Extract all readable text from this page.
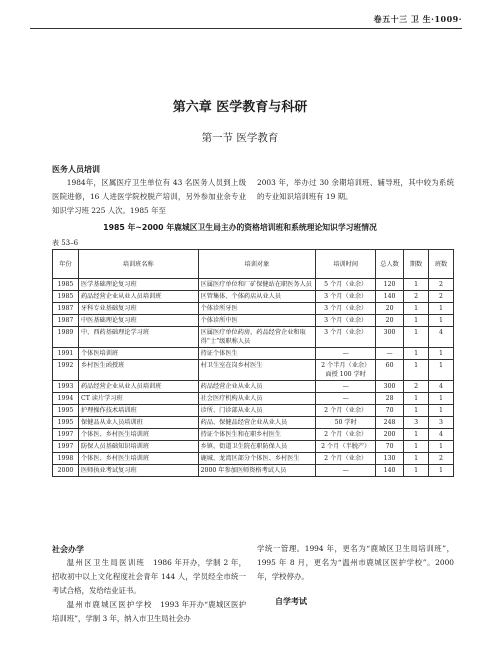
卷五十三 卫 生·1009·
第六章 医学教育与科研
第一节 医学教育
医务人员培训

1984年，区属医疗卫生单位有 43 名医务人员到上级医院进修，16 人进医学院校脱产培训，另外参加业余专业知识学习班 225 人次。1985 年至

2003 年，举办过 30 余期培训班、辅导班，其中较为系统的专业知识培训班有 19 期。

1985 年~2000 年鹿城区卫生局主办的资格培训班和系统理论知识学习班情况
表 53–6
年份	培训班名称	培训对象	培训时间	总人数	期数	班数
1985	医学基础理论复习班	区属医疗单位和厂矿保健站在职医务人员	5 个月（业余）	120	1	2
1985	药品经营企业从业人员培训班	区管集体、个体药店从业人员	3 个月（业余）	140	2	2
1987	牙科专业基础复习班	个体诊所牙医	3 个月（业余）	20	1	1
1987	中医基础理论复习班	个体诊所中医	3 个月（业余）	20	1	1
1989	中、西药基础理论学习班	区属医疗单位药房，药品经营企业和取得“士”级职称人员	3 个月（业余）	300	1	4
1991	个体医培训班	持证个体医生	—	—	1	1
1992	乡村医生函授班	村卫生室在岗乡村医生	2 个半月（业余）面授 100 学时	60	1	1
1993	药品经营企业从业人员培训班	药品经营企业从业人员	—	300	2	4
1994	CT 读片学习班	社会医疗机构从业人员	—	28	1	1
1995	护理操作技术培训班	诊所、门诊部从业人员	2 个月（业余）	70	1	1
1995	保健品从业人员培训班	药品、保健品经营企业从业人员	50 学时	248	3	3
1997	个体医、乡村医生培训班	持证个体医生和在职乡村医生	2 个月（业余）	200	1	4
1997	防保人员基础知识培训班	乡镇、街道卫生院在职防保人员	2 个月（半脱产）	70	1	1
1998	个体医、乡村医生培训班	鹿城、龙湾区部分个体医、乡村医生	2 个月（业余）	130	1	2
2000	医师执业考试复习班	2000 年参加医师资格考试人员	—	140	1	1
社会办学

温州区卫生局医训班　 1986 年开办，学制 2 年，招收初中以上文化程度社会青年 144 人，学员经全市统一考试合格，发给结业证书。

温州市鹿城区医护学校　 1993 年开办“鹿城区医护培训班”，学制 3 年，纳入市卫生局社会办

学统一管理。1994 年，更名为“鹿城区卫生局培训班”，1995 年 8 月，更名为“温州市鹿城区医护学校”。2000 年，学校停办。

自学考试
